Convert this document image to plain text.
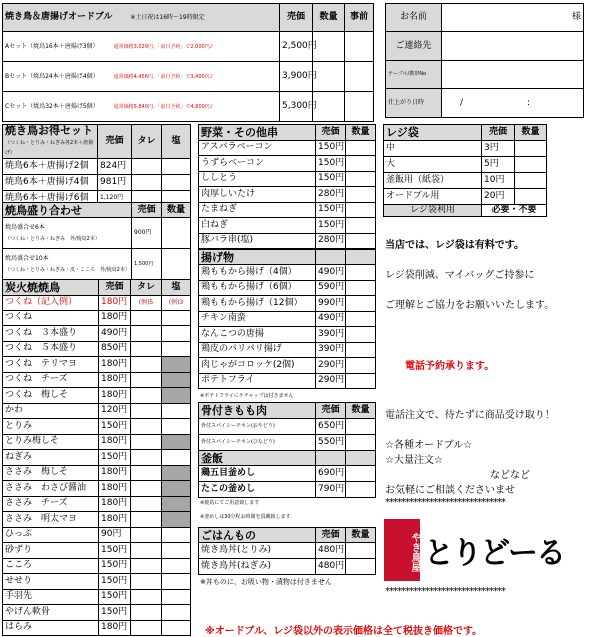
焼き鳥＆唐揚げオードブル　　 ※土日祝は16時～19時限定	売価	数量	事前
Aセット（焼鳥16本＋唐揚げ3個）　　　 通常価格3,029円、「前日予約」で2,000円♪	2,500円		
Bセット（焼鳥24本＋唐揚げ4個）　　　 通常価格4,456円、「前日予約」で3,400円♪	3,900円		
Cセット（焼鳥32本＋唐揚げ5個）　　　 通常価格5,840円、「前日予約」で4,800円♪	5,300円		
お名前	様
ご連絡先	
テーブル/携帯No	
仕上がり日時	/ :
焼き鳥お得セット
（つくね・とりみ・ねぎみ各2本＋唐揚げ）	売価	タレ	塩
焼鳥6本＋唐揚げ2個	824円		
焼鳥6本＋唐揚げ4個	981円		
焼鳥6本＋唐揚げ6個	1,120円		
焼鳥盛り合わせ	売価	数量
焼鳥盛合せ6本
（つくね・とりみ・ねぎみ　外/焼鳥2本）	900円	
焼鳥盛合せ10本
（つくね・とりみ・ねぎみ・皮・こころ　外/焼鳥2本）	1,500円	
炭火焼焼鳥	売価	タレ	塩
つくね（記入例）	180円	(例)5	(例)3
つくね	180円		
つくね　３本盛り	490円		
つくね　５本盛り	850円		
つくね　テリマヨ	180円		
つくね　チーズ	180円		
つくね　梅しそ	180円		
かわ	120円		
とりみ	150円		
とりみ梅しそ	180円		
ねぎみ	150円		
ささみ　梅しそ	180円		
ささみ　わさび醤油	180円		
ささみ　チーズ	180円		
ささみ　明太マヨ	180円		
ひっぷ	90円		
砂ずり	150円		
こころ	150円		
せせり	150円		
手羽先	150円		
やげん軟骨	150円		
はらみ	180円		
野菜・その他串	売価	数量
アスパラベーコン	150円	
うずらベーコン	150円	
ししとう	150円	
肉厚しいたけ	280円	
たまねぎ	150円	
白ねぎ	150円	
豚バラ串(塩)	280円	
揚げ物		
鶏ももから揚げ（4個）	490円	
鶏ももから揚げ（6個）	590円	
鶏ももから揚げ（12個）	990円	
チキン南蛮	490円	
なんこつの唐揚	390円	
鶏皮のパリパリ揚げ	390円	
肉じゃがコロッケ(2個)	290円	
ポテトフライ	290円	
※ポテトフライにケチャップは付きません
骨付きもも肉	売価	数量
骨付スパイシーチキン(おやどり)	650円	
骨付スパイシーチキン(ひなどり)	550円	
釜飯		
鶏五目釜めし	690円	
たこの釜めし	790円	
※焼鳥にてご用意致します
※釜めしは30分程お時間を頂戴致します
ごはんもの	売価	数量
焼き鳥丼(とりみ)	480円	
焼き鳥丼(ねぎみ)	480円	
※丼ものに、お吸い物・漬物は付きません
レジ袋	売価	数量
中	3円	
大	5円	
釜飯用（紙袋）	10円	
オードブル用	20円	
レジ袋利用	必要・不要	
当店では、レジ袋は有料です。
レジ袋削減、マイバッグご持参に
ご理解とご協力をお願いいたします。
電話予約承ります。
電話注文で、待たずに商品受け取り！
☆各種オードブル☆
☆大量注文☆
などなど
お気軽にご相談くださいませ
******************************
******************************
※オードブル、レジ袋以外の表示価格は全て税抜き価格です。
やき鳥屋 とりどーる
